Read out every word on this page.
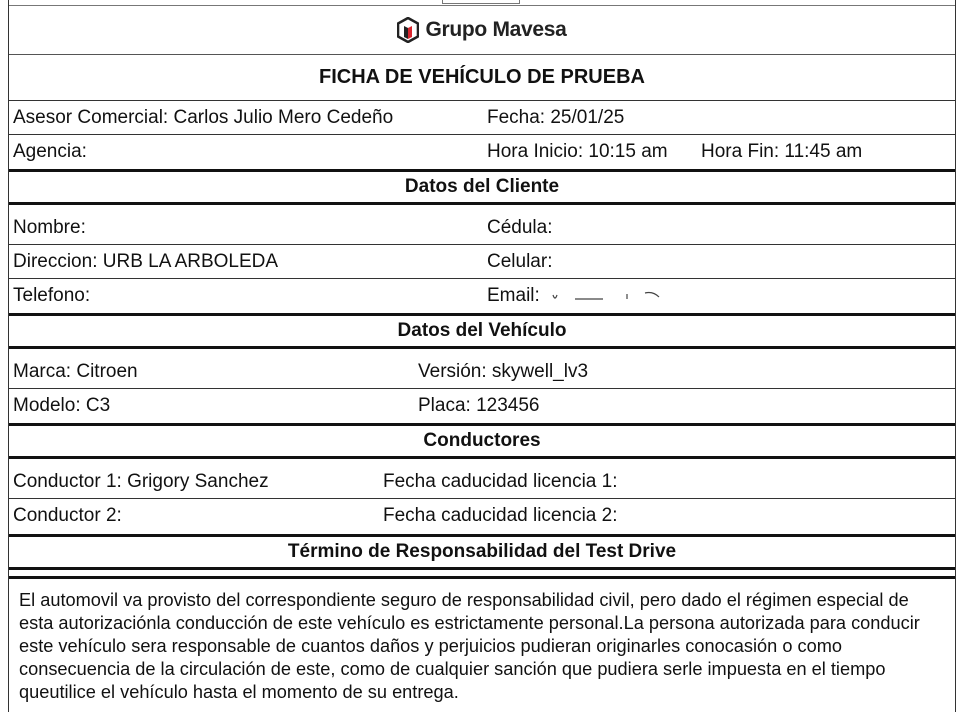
Grupo Mavesa
FICHA DE VEHÍCULO DE PRUEBA
Asesor Comercial: Carlos Julio Mero Cedeño	Fecha: 25/01/25
Agencia:	Hora Inicio: 10:15 am Hora Fin: 11:45 am
Datos del Cliente
Nombre:	Cédula:
Direccion: URB LA ARBOLEDA	Celular:
Telefono:	Email:
Datos del Vehículo
Marca: Citroen	Versión: skywell_lv3
Modelo: C3	Placa: 123456
Conductores
Conductor 1: Grigory Sanchez	Fecha caducidad licencia 1:
Conductor 2:	Fecha caducidad licencia 2:
Término de Responsabilidad del Test Drive

El automovil va provisto del correspondiente seguro de responsabilidad civil, pero dado el régimen especial de esta autorizaciónla conducción de este vehículo es estrictamente personal.La persona autorizada para conducir este vehículo sera responsable de cuantos daños y perjuicios pudieran originarles conocasión o como consecuencia de la circulación de este, como de cualquier sanción que pudiera serle impuesta en el tiempo queutilice el vehículo hasta el momento de su entrega.
